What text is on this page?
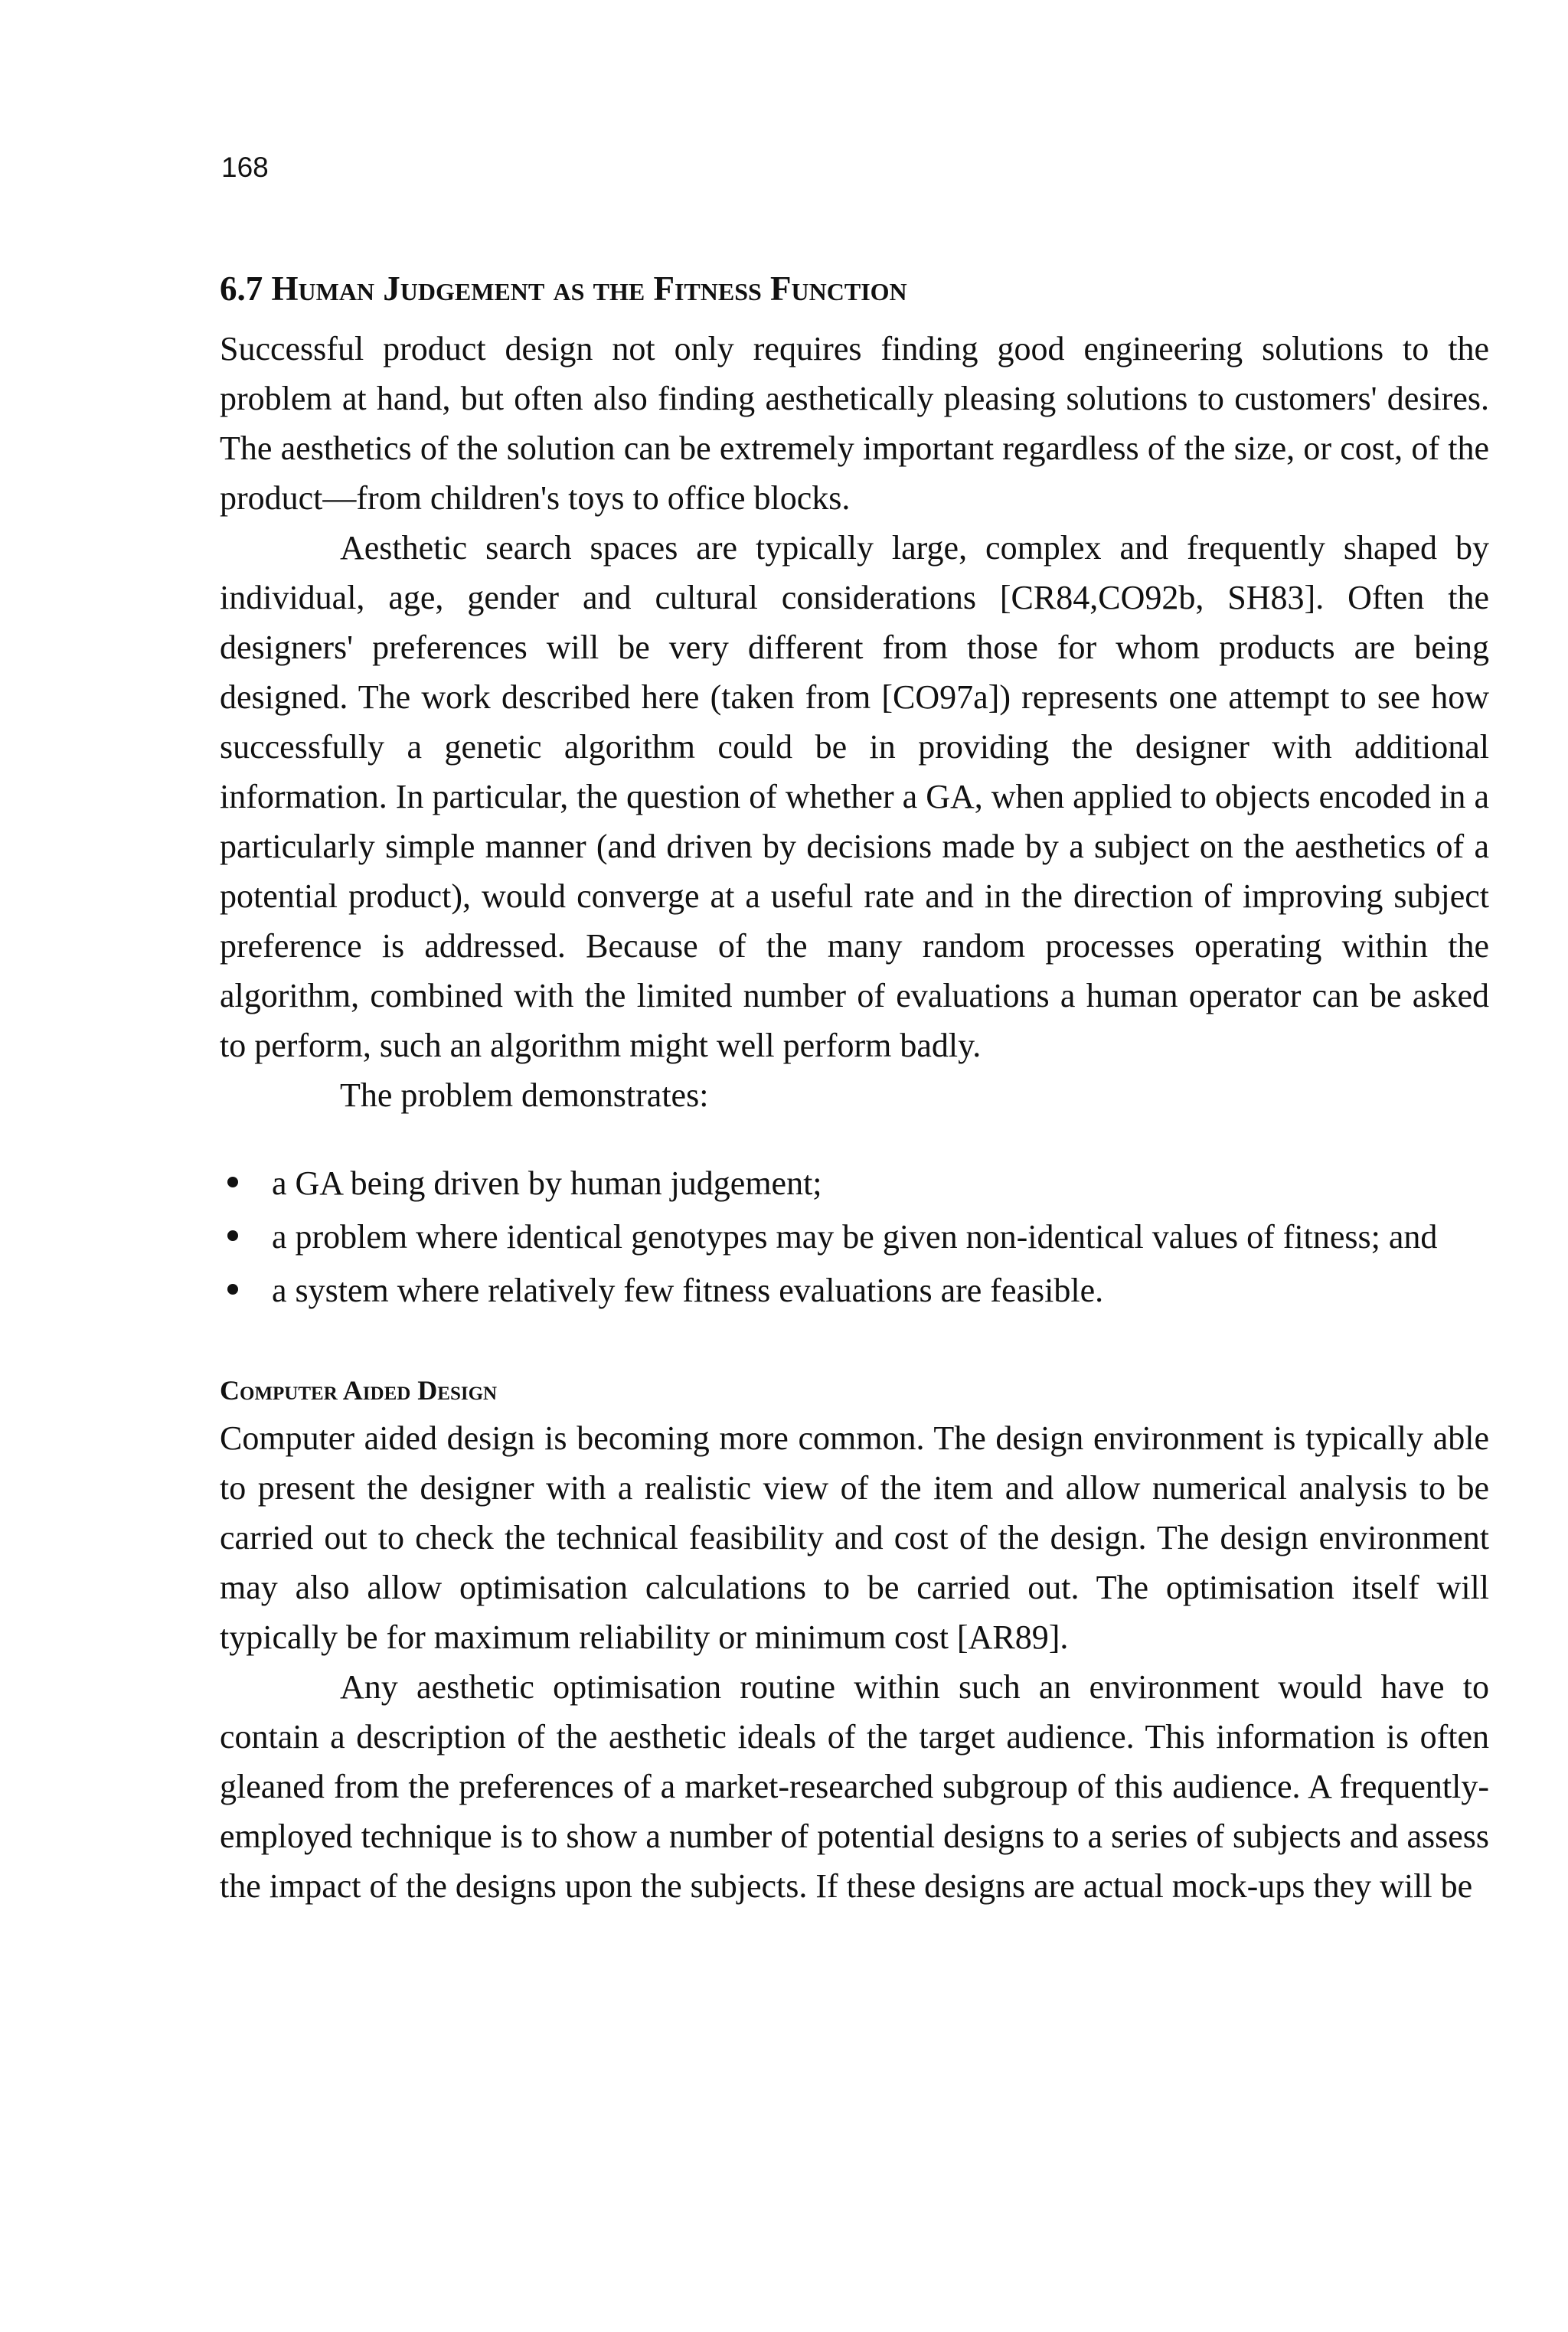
168
6.7 Human Judgement as the Fitness Function

Successful product design not only requires finding good engineering solutions to the problem at hand, but often also finding aesthetically pleasing solutions to customers' desires. The aesthetics of the solution can be extremely important regardless of the size, or cost, of the product—from children's toys to office blocks.

Aesthetic search spaces are typically large, complex and frequently shaped by individual, age, gender and cultural considerations [CR84,CO92b, SH83]. Often the designers' preferences will be very different from those for whom products are being designed. The work described here (taken from [CO97a]) represents one attempt to see how successfully a genetic algorithm could be in providing the designer with additional information. In particular, the question of whether a GA, when applied to objects encoded in a particularly simple manner (and driven by decisions made by a subject on the aesthetics of a potential product), would converge at a useful rate and in the direction of improving subject preference is addressed. Because of the many random processes operating within the algorithm, combined with the limited number of evaluations a human operator can be asked to perform, such an algorithm might well perform badly.

The problem demonstrates:

a GA being driven by human judgement;
a problem where identical genotypes may be given non-identical values of fitness; and
a system where relatively few fitness evaluations are feasible.
Computer Aided Design

Computer aided design is becoming more common. The design environment is typically able to present the designer with a realistic view of the item and allow numerical analysis to be carried out to check the technical feasibility and cost of the design. The design environment may also allow optimisation calculations to be carried out. The optimisation itself will typically be for maximum reliability or minimum cost [AR89].

Any aesthetic optimisation routine within such an environment would have to contain a description of the aesthetic ideals of the target audience. This information is often gleaned from the preferences of a market-researched subgroup of this audience. A frequently-employed technique is to show a number of potential designs to a series of subjects and assess the impact of the designs upon the subjects. If these designs are actual mock-ups they will be
